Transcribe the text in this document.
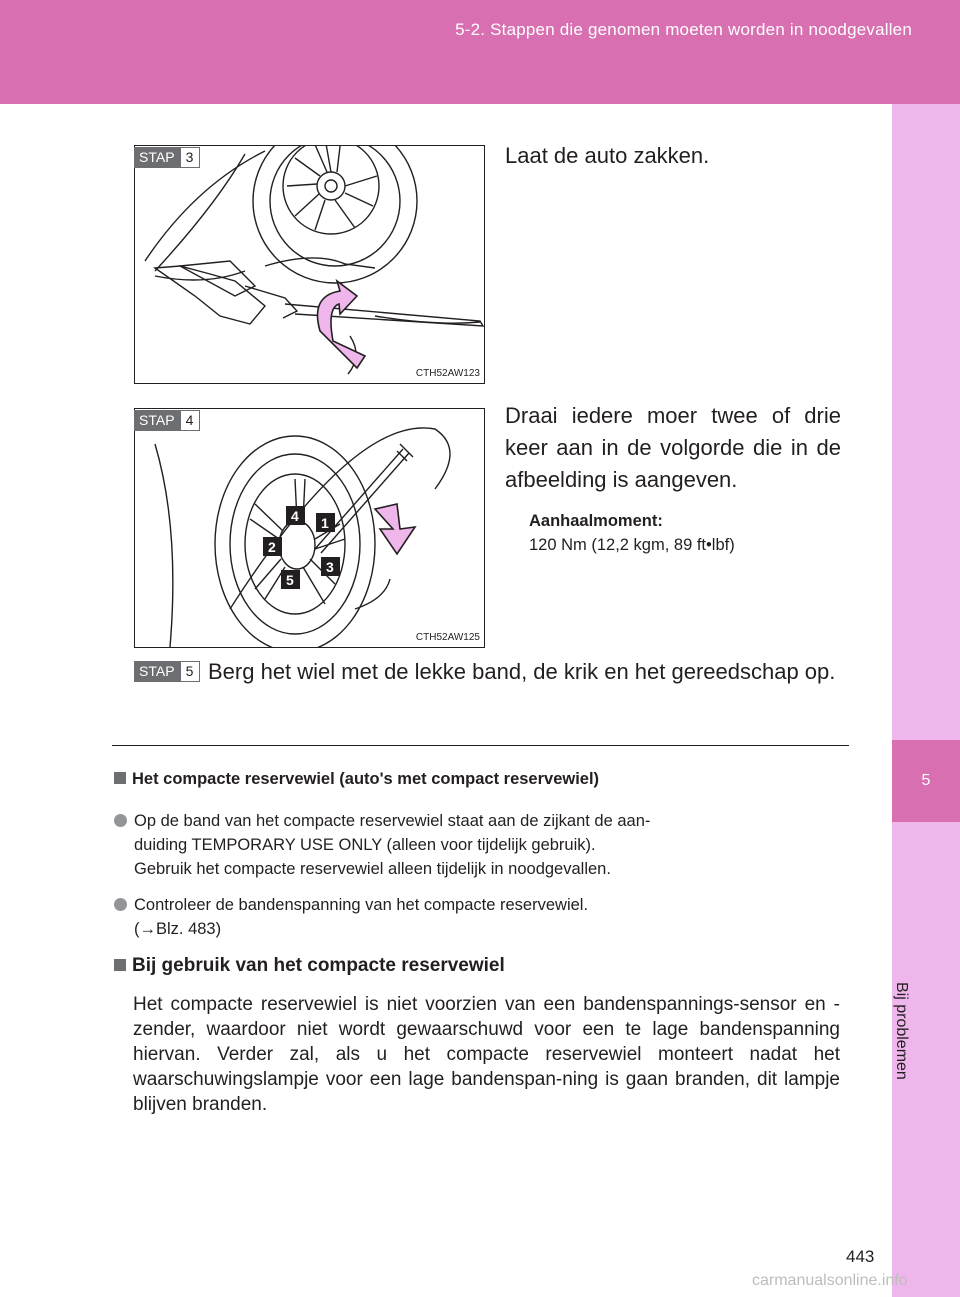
5-2. Stappen die genomen moeten worden in noodgevallen
5
Bij problemen
CTH52AW123
STAP 3	Laat de auto zakken.
4 1
2
3
5
CTH52AW125
STAP 4	Draai iedere moer twee of drie keer aan in de volgorde die in de afbeelding is aangeven.
Aanhaalmoment:
120 Nm (12,2 kgm, 89 ft•lbf)
STAP 5 Berg het wiel met de lekke band, de krik en het gereedschap op.
Het compacte reservewiel (auto's met compact reservewiel)
Op de band van het compacte reservewiel staat aan de zijkant de aan-
duiding TEMPORARY USE ONLY (alleen voor tijdelijk gebruik).
Gebruik het compacte reservewiel alleen tijdelijk in noodgevallen.
Controleer de bandenspanning van het compacte reservewiel.
(→Blz. 483)
Bij gebruik van het compacte reservewiel
Het compacte reservewiel is niet voorzien van een bandenspannings-sensor en -zender, waardoor niet wordt gewaarschuwd voor een te lage bandenspanning hiervan. Verder zal, als u het compacte reservewiel monteert nadat het waarschuwingslampje voor een lage bandenspan-ning is gaan branden, dit lampje blijven branden.
443
carmanualsonline.info
